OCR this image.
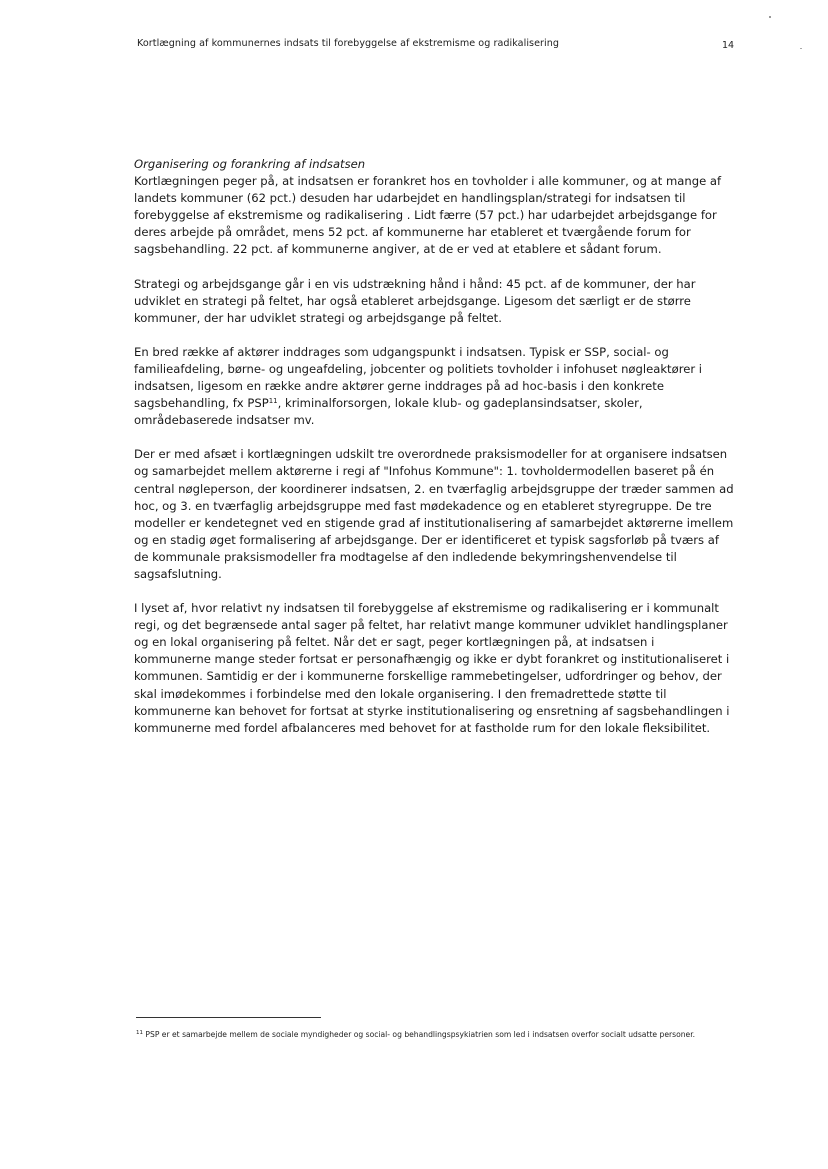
Kortlægning af kommunernes indsats til forebyggelse af ekstremisme og radikalisering	14

Organisering og forankring af indsatsen
Kortlægningen peger på, at indsatsen er forankret hos en tovholder i alle kommuner, og at mange af landets kommuner (62 pct.) desuden har udarbejdet en handlingsplan/strategi for indsatsen til forebyggelse af ekstremisme og radikalisering . Lidt færre (57 pct.) har udarbejdet arbejdsgange for deres arbejde på området, mens 52 pct. af kommunerne har etableret et tværgående forum for sagsbehandling. 22 pct. af kommunerne angiver, at de er ved at etablere et sådant forum.

Strategi og arbejdsgange går i en vis udstrækning hånd i hånd: 45 pct. af de kommuner, der har udviklet en strategi på feltet, har også etableret arbejdsgange. Ligesom det særligt er de større kommuner, der har udviklet strategi og arbejdsgange på feltet.

En bred række af aktører inddrages som udgangspunkt i indsatsen. Typisk er SSP, social- og familieafdeling, børne- og ungeafdeling, jobcenter og politiets tovholder i infohuset nøgleaktører i indsatsen, ligesom en række andre aktører gerne inddrages på ad hoc-basis i den konkrete sagsbehandling, fx PSP$^{11}$, kriminalforsorgen, lokale klub- og gadeplansindsatser, skoler, områdebaserede indsatser mv.

Der er med afsæt i kortlægningen udskilt tre overordnede praksismodeller for at organisere indsatsen og samarbejdet mellem aktørerne i regi af "Infohus Kommune": 1. tovholdermodellen baseret på én central nøgleperson, der koordinerer indsatsen, 2. en tværfaglig arbejdsgruppe der træder sammen ad hoc, og 3. en tværfaglig arbejdsgruppe med fast mødekadence og en etableret styregruppe. De tre modeller er kendetegnet ved en stigende grad af institutionalisering af samarbejdet aktørerne imellem og en stadig øget formalisering af arbejdsgange. Der er identificeret et typisk sagsforløb på tværs af de kommunale praksismodeller fra modtagelse af den indledende bekymringshenvendelse til sagsafslutning.

I lyset af, hvor relativt ny indsatsen til forebyggelse af ekstremisme og radikalisering er i kommunalt regi, og det begrænsede antal sager på feltet, har relativt mange kommuner udviklet handlingsplaner og en lokal organisering på feltet. Når det er sagt, peger kortlægningen på, at indsatsen i kommunerne mange steder fortsat er personafhængig og ikke er dybt forankret og institutionaliseret i kommunen. Samtidig er der i kommunerne forskellige rammebetingelser, udfordringer og behov, der skal imødekommes i forbindelse med den lokale organisering. I den fremadrettede støtte til kommunerne kan behovet for fortsat at styrke institutionalisering og ensretning af sagsbehandlingen i kommunerne med fordel afbalanceres med behovet for at fastholde rum for den lokale fleksibilitet.

$^{11}$ PSP er et samarbejde mellem de sociale myndigheder og social- og behandlingspsykiatrien som led i indsatsen overfor socialt udsatte personer.
